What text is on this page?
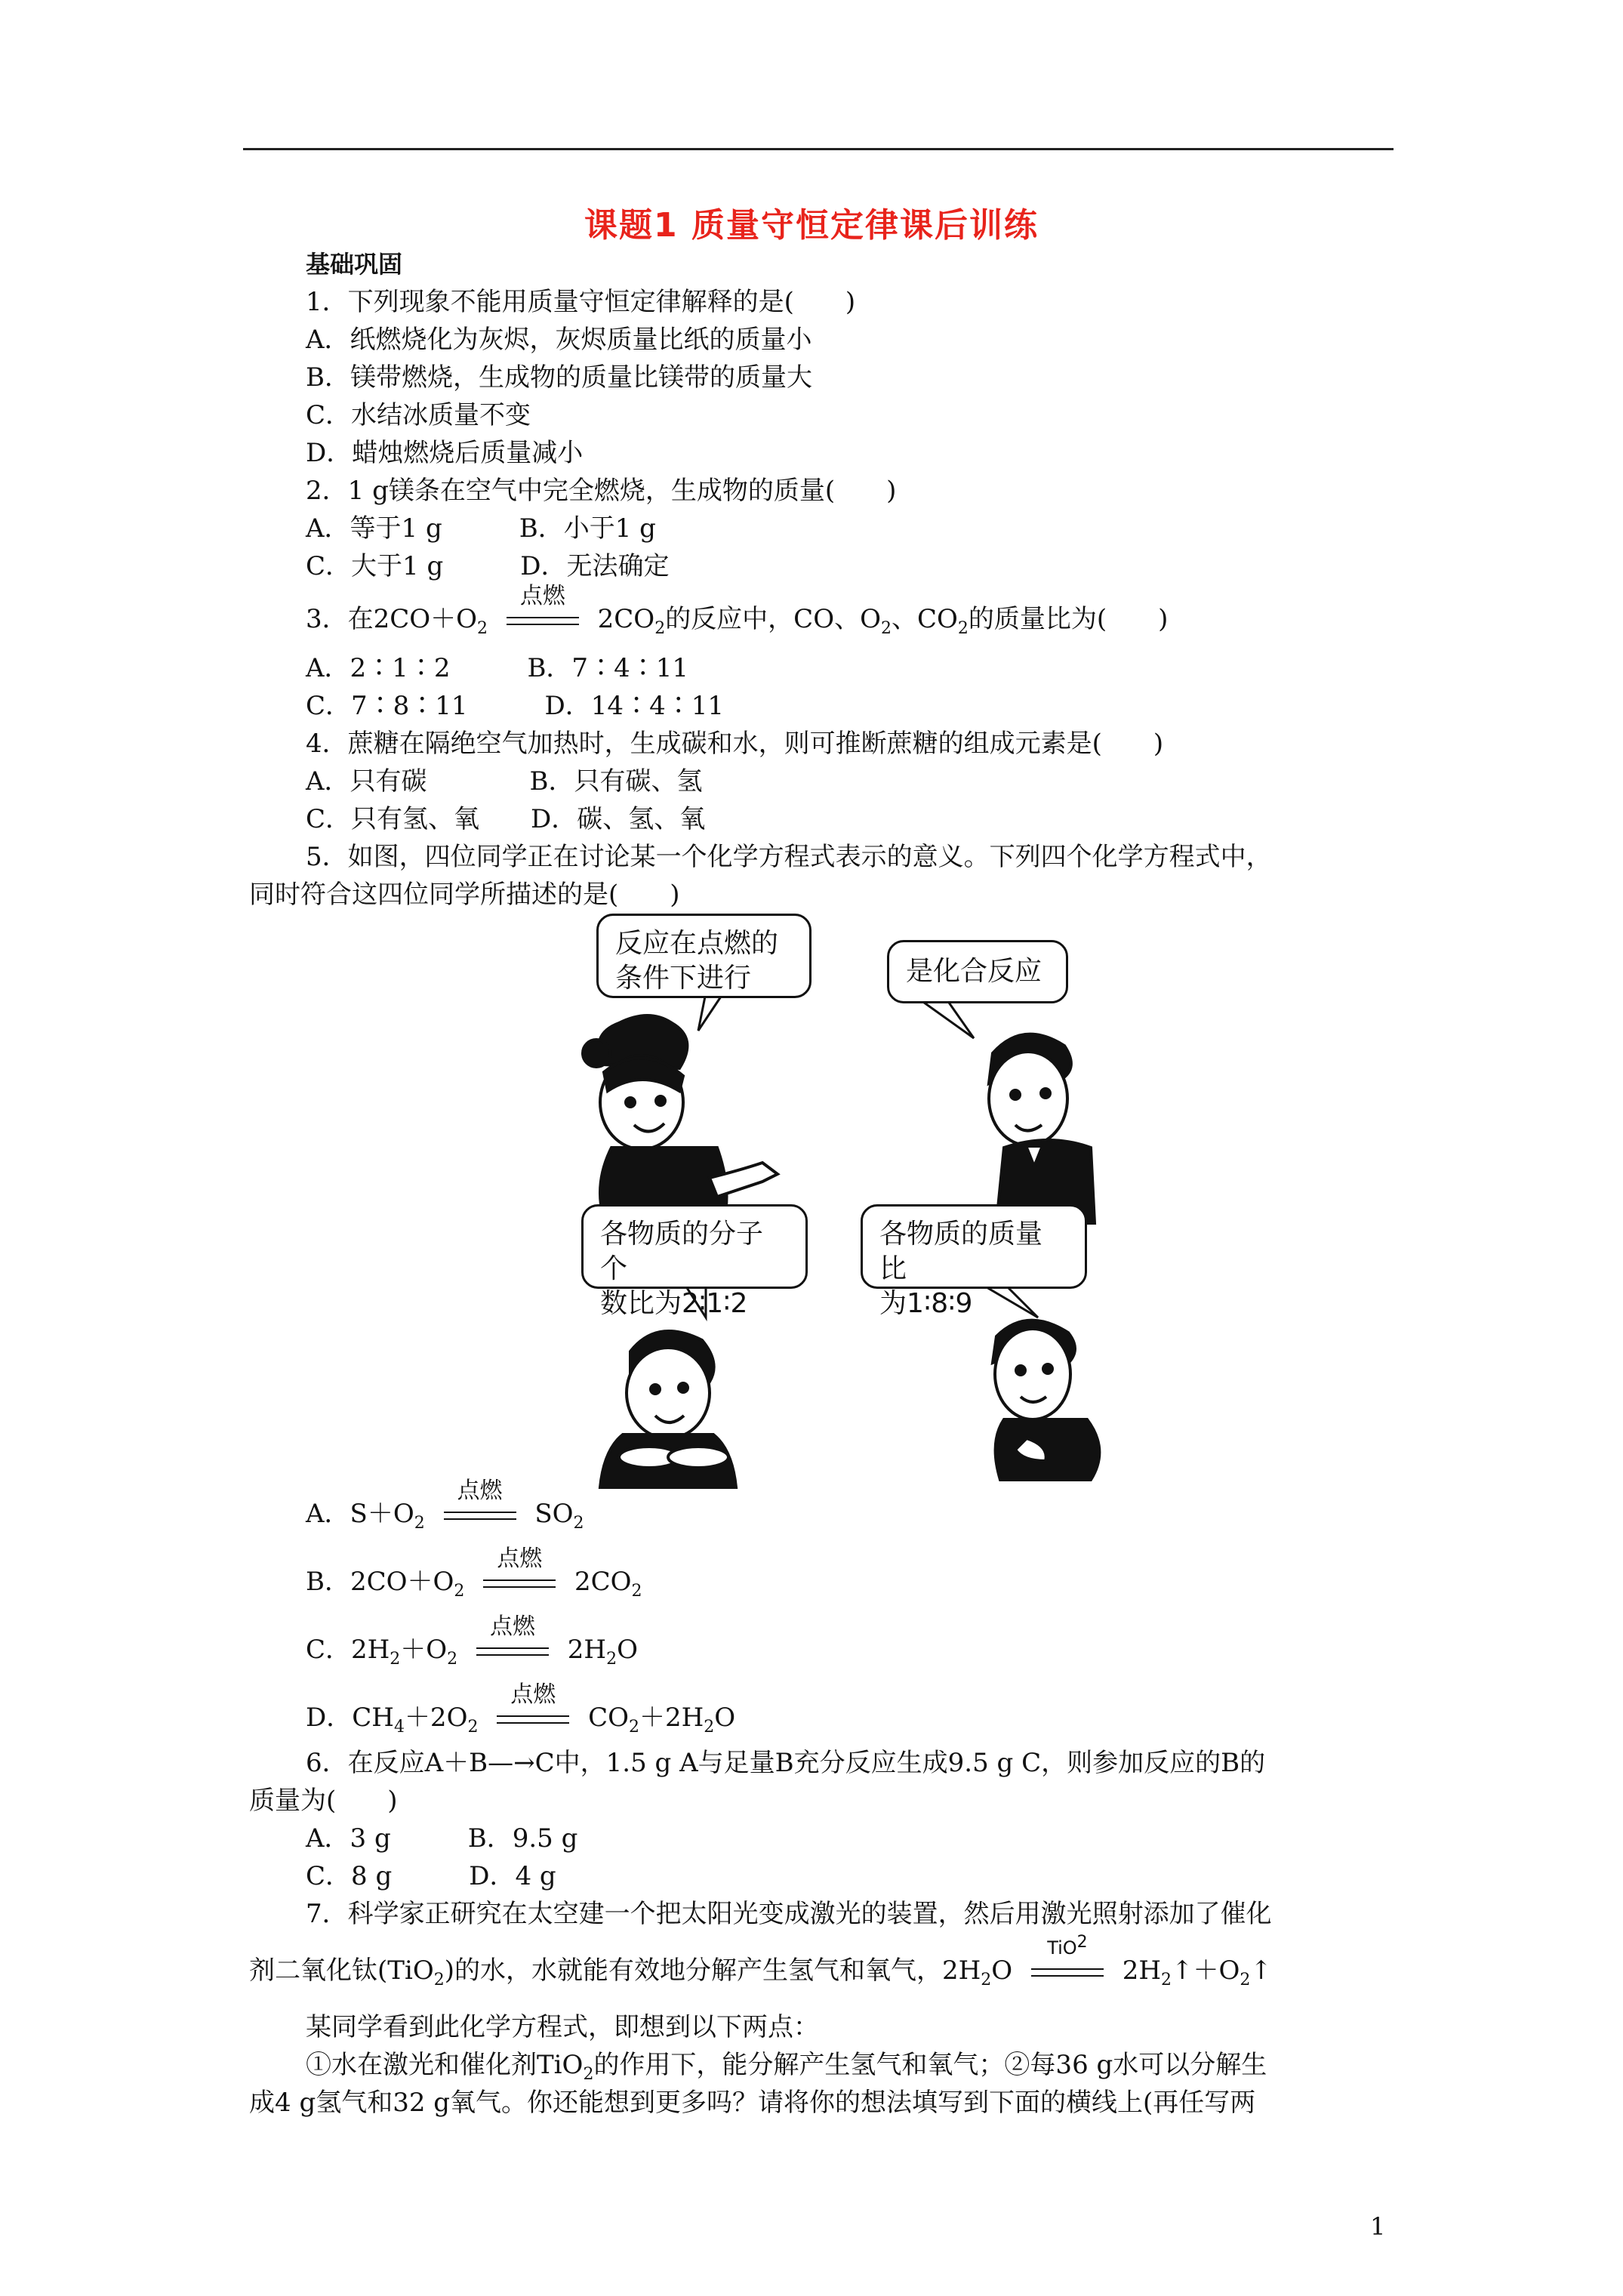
课题1 质量守恒定律课后训练
基础巩固
1．下列现象不能用质量守恒定律解释的是(　　)
A．纸燃烧化为灰烬，灰烬质量比纸的质量小
B．镁带燃烧，生成物的质量比镁带的质量大
C．水结冰质量不变
D．蜡烛燃烧后质量减小
2．1 g镁条在空气中完全燃烧，生成物的质量(　　)
A．等于1 g　　　B．小于1 g
C．大于1 g　　　D．无法确定
3．在$2CO+O_2$
点燃
$2CO_2$的反应中，CO、$O_2$、$CO_2$的质量比为(　　)
A．2∶1∶2　　　B．7∶4∶11
C．7∶8∶11　　　D．14∶4∶11
4．蔗糖在隔绝空气加热时，生成碳和水，则可推断蔗糖的组成元素是(　　)
A．只有碳　　　　B．只有碳、氢
C．只有氢、氧　　D．碳、氢、氧
5．如图，四位同学正在讨论某一个化学方程式表示的意义。下列四个化学方程式中，
同时符合这四位同学所描述的是(　　)
反应在点燃的
条件下进行	是化合反应
各物质的分子个
数比为2∶1∶2
各物质的质量比
为1∶8∶9
A．$S+O_2$
点燃
$SO_2$
B．$2CO+O_2$
点燃
$2CO_2$
C．$2H_2+O_2$
点燃
$2H_2O$
D．$CH_4+2O_2$
点燃
$CO_2+2H_2O$
6．在反应A＋B—→C中，1.5 g A与足量B充分反应生成9.5 g C，则参加反应的B的
质量为(　　)
A．3 g　　　B．9.5 g
C．8 g　　　D．4 g
7．科学家正研究在太空建一个把太阳光变成激光的装置，然后用激光照射添加了催化
剂二氧化钛(TiO$_2$)的水，水就能有效地分解产生氢气和氧气，$2H_2O$
TiO$^2$
$2H_2↑+O_2↑$
某同学看到此化学方程式，即想到以下两点：
①水在激光和催化剂TiO$_2$的作用下，能分解产生氢气和氧气；②每36 g水可以分解生
成4 g氢气和32 g氧气。你还能想到更多吗？请将你的想法填写到下面的横线上(再任写两
1
